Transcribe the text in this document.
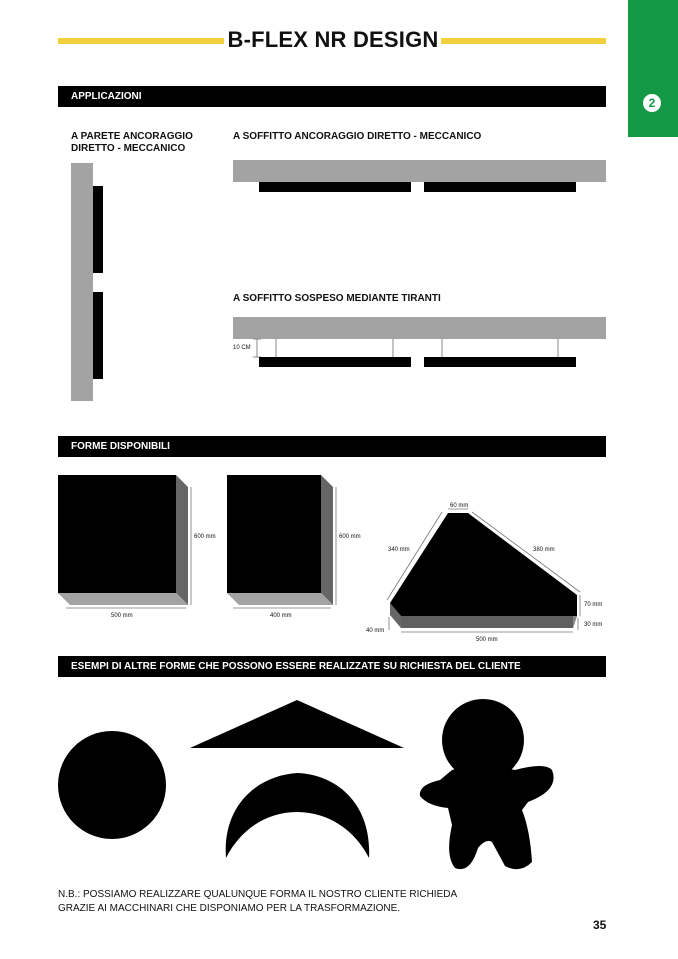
B-FLEX NR DESIGN
2
APPLICAZIONI
A PARETE ANCORAGGIO
DIRETTO - MECCANICO
A SOFFITTO ANCORAGGIO DIRETTO - MECCANICO
A SOFFITTO SOSPESO MEDIANTE TIRANTI
10 CM
FORME DISPONIBILI
600 mm
500 mm
600 mm
400 mm
60 mm
340 mm	380 mm
70 mm
30 mm
500 mm
40 mm
ESEMPI DI ALTRE FORME CHE POSSONO ESSERE REALIZZATE SU RICHIESTA DEL CLIENTE
N.B.: POSSIAMO REALIZZARE QUALUNQUE FORMA IL NOSTRO CLIENTE RICHIEDA
GRAZIE AI MACCHINARI CHE DISPONIAMO PER LA TRASFORMAZIONE.
35
